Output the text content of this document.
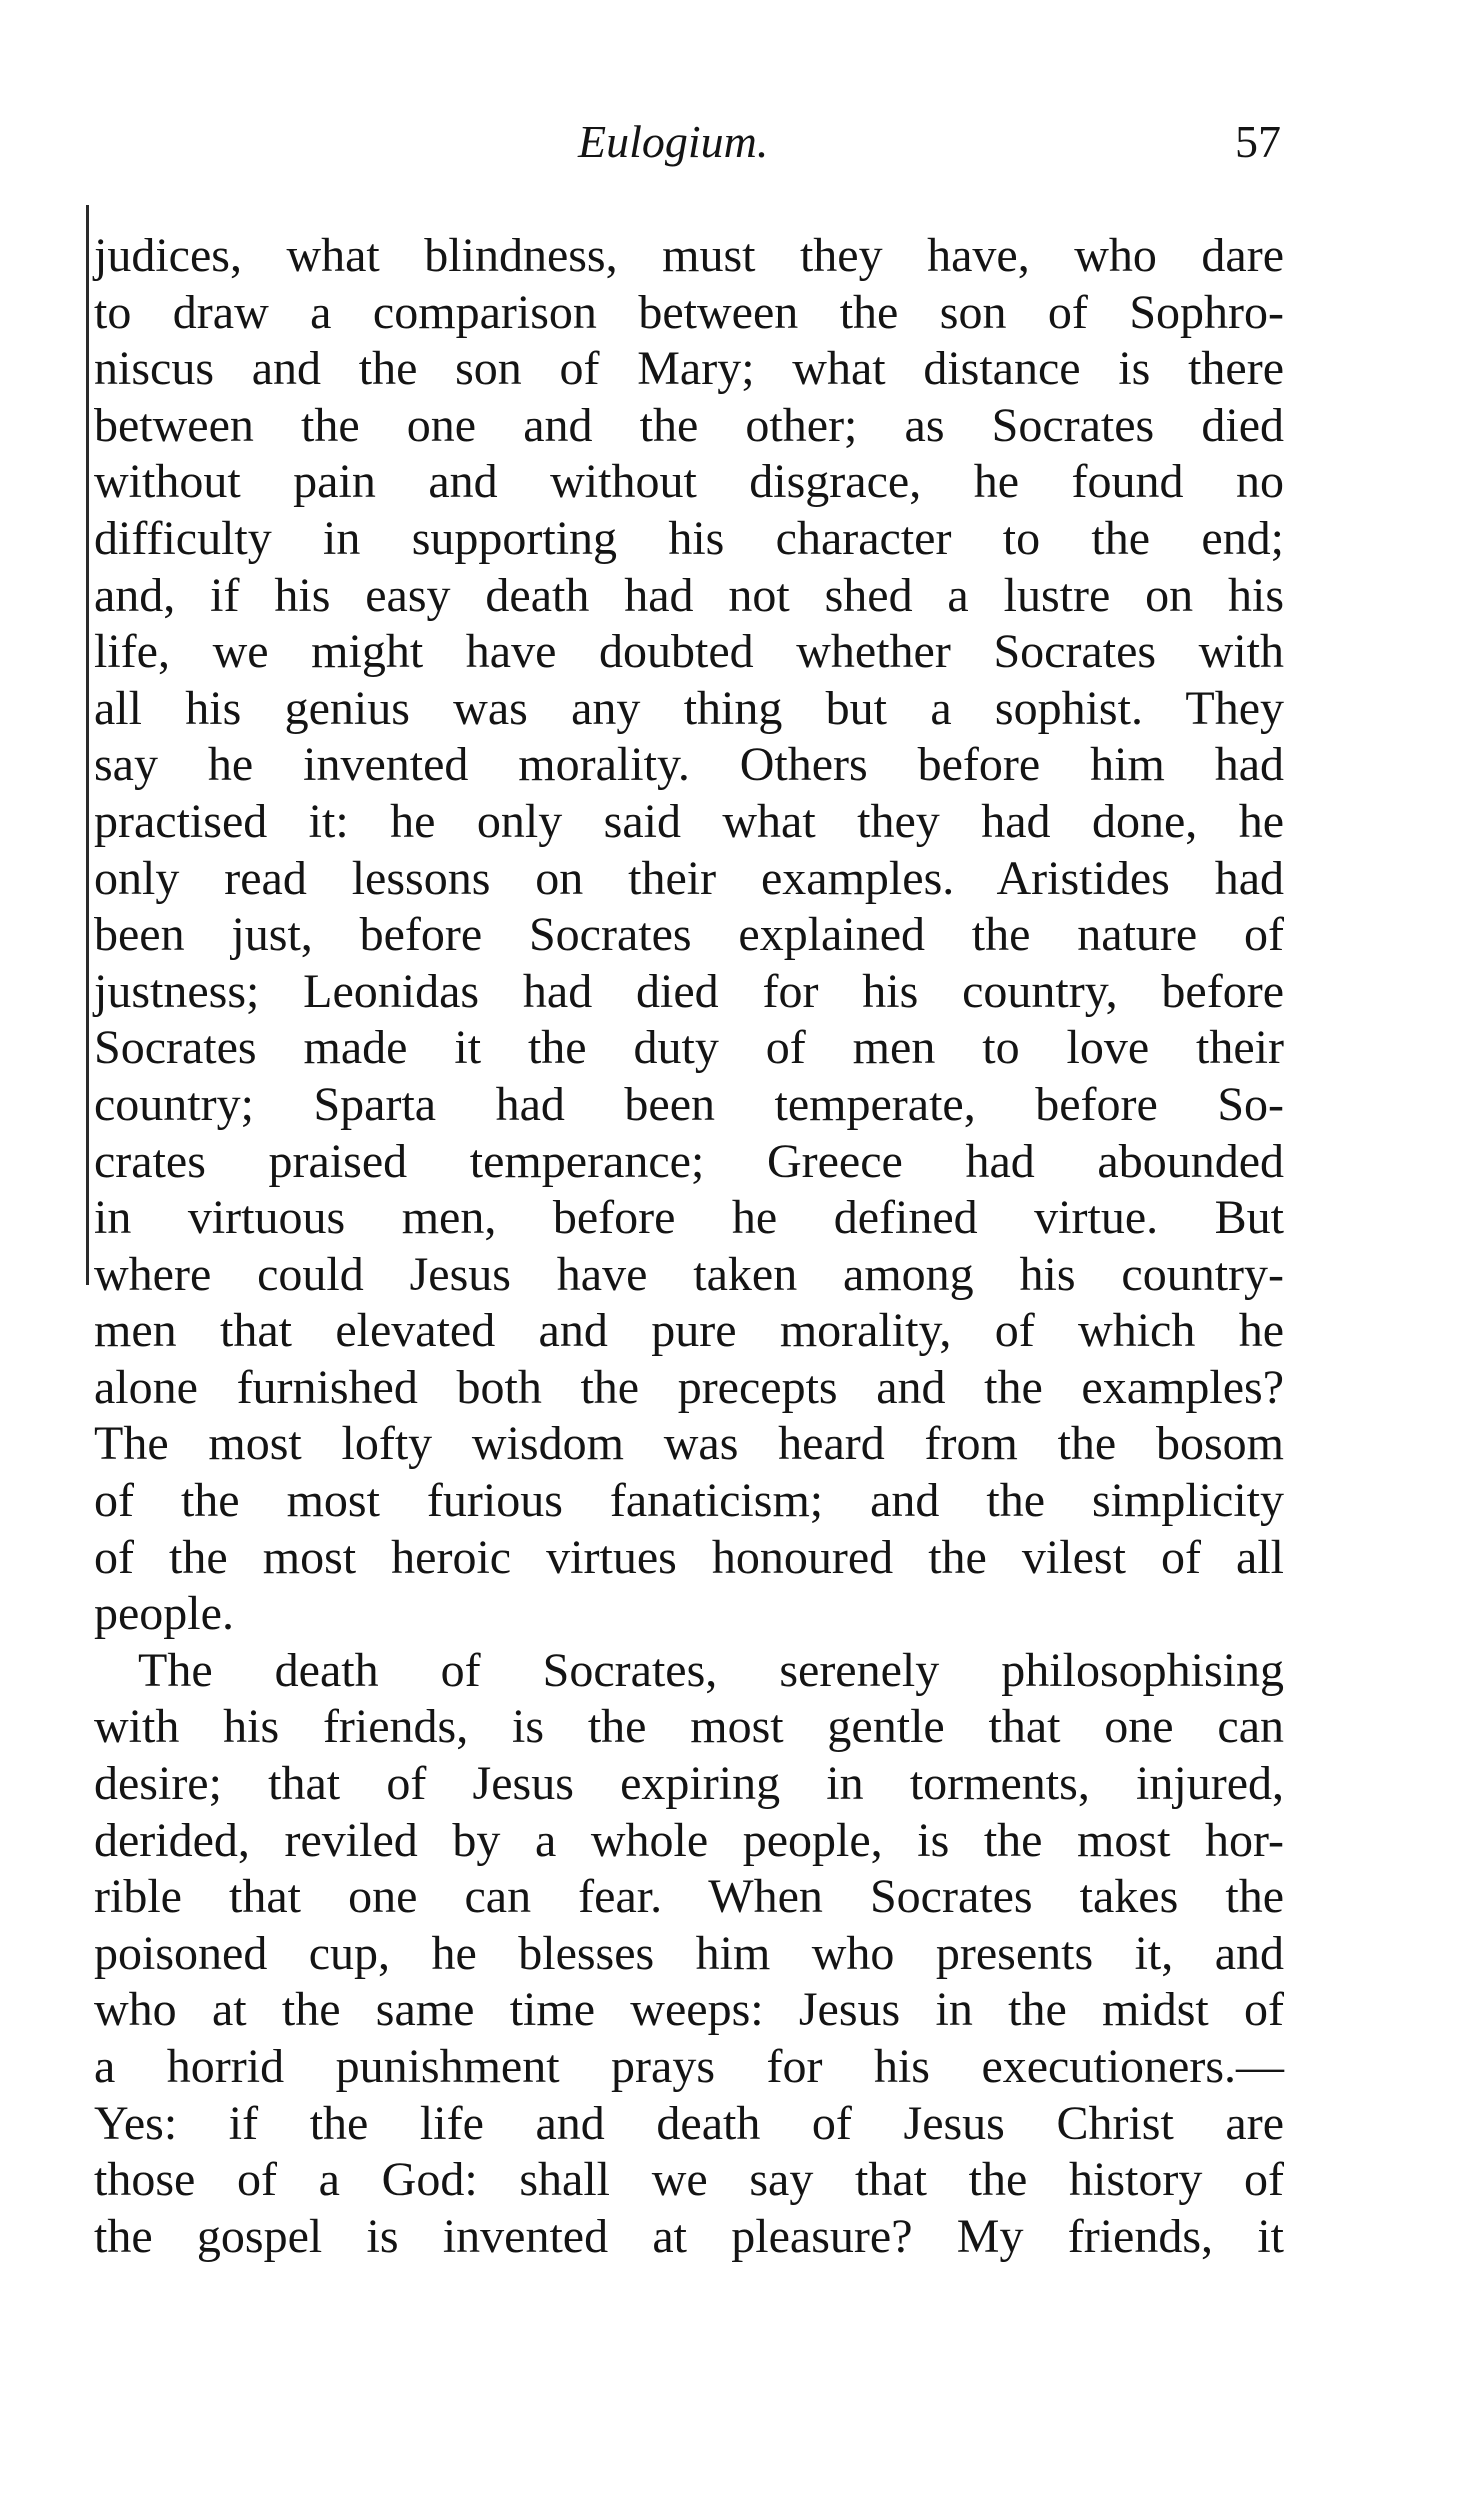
Eulogium.	57
judices, what blindness, must they have, who dare
to draw a comparison between the son of Sophro-
niscus and the son of Mary; what distance is there
between the one and the other; as Socrates died
without pain and without disgrace, he found no
difficulty in supporting his character to the end;
and, if his easy death had not shed a lustre on his
life, we might have doubted whether Socrates with
all his genius was any thing but a sophist. They
say he invented morality. Others before him had
practised it: he only said what they had done, he
only read lessons on their examples. Aristides had
been just, before Socrates explained the nature of
justness; Leonidas had died for his country, before
Socrates made it the duty of men to love their
country; Sparta had been temperate, before So-
crates praised temperance; Greece had abounded
in virtuous men, before he defined virtue. But
where could Jesus have taken among his country-
men that elevated and pure morality, of which he
alone furnished both the precepts and the examples?
The most lofty wisdom was heard from the bosom
of the most furious fanaticism; and the simplicity
of the most heroic virtues honoured the vilest of all
people.
The death of Socrates, serenely philosophising
with his friends, is the most gentle that one can
desire; that of Jesus expiring in torments, injured,
derided, reviled by a whole people, is the most hor-
rible that one can fear. When Socrates takes the
poisoned cup, he blesses him who presents it, and
who at the same time weeps: Jesus in the midst of
a horrid punishment prays for his executioners.—
Yes: if the life and death of Jesus Christ are
those of a God: shall we say that the history of
the gospel is invented at pleasure? My friends, it
